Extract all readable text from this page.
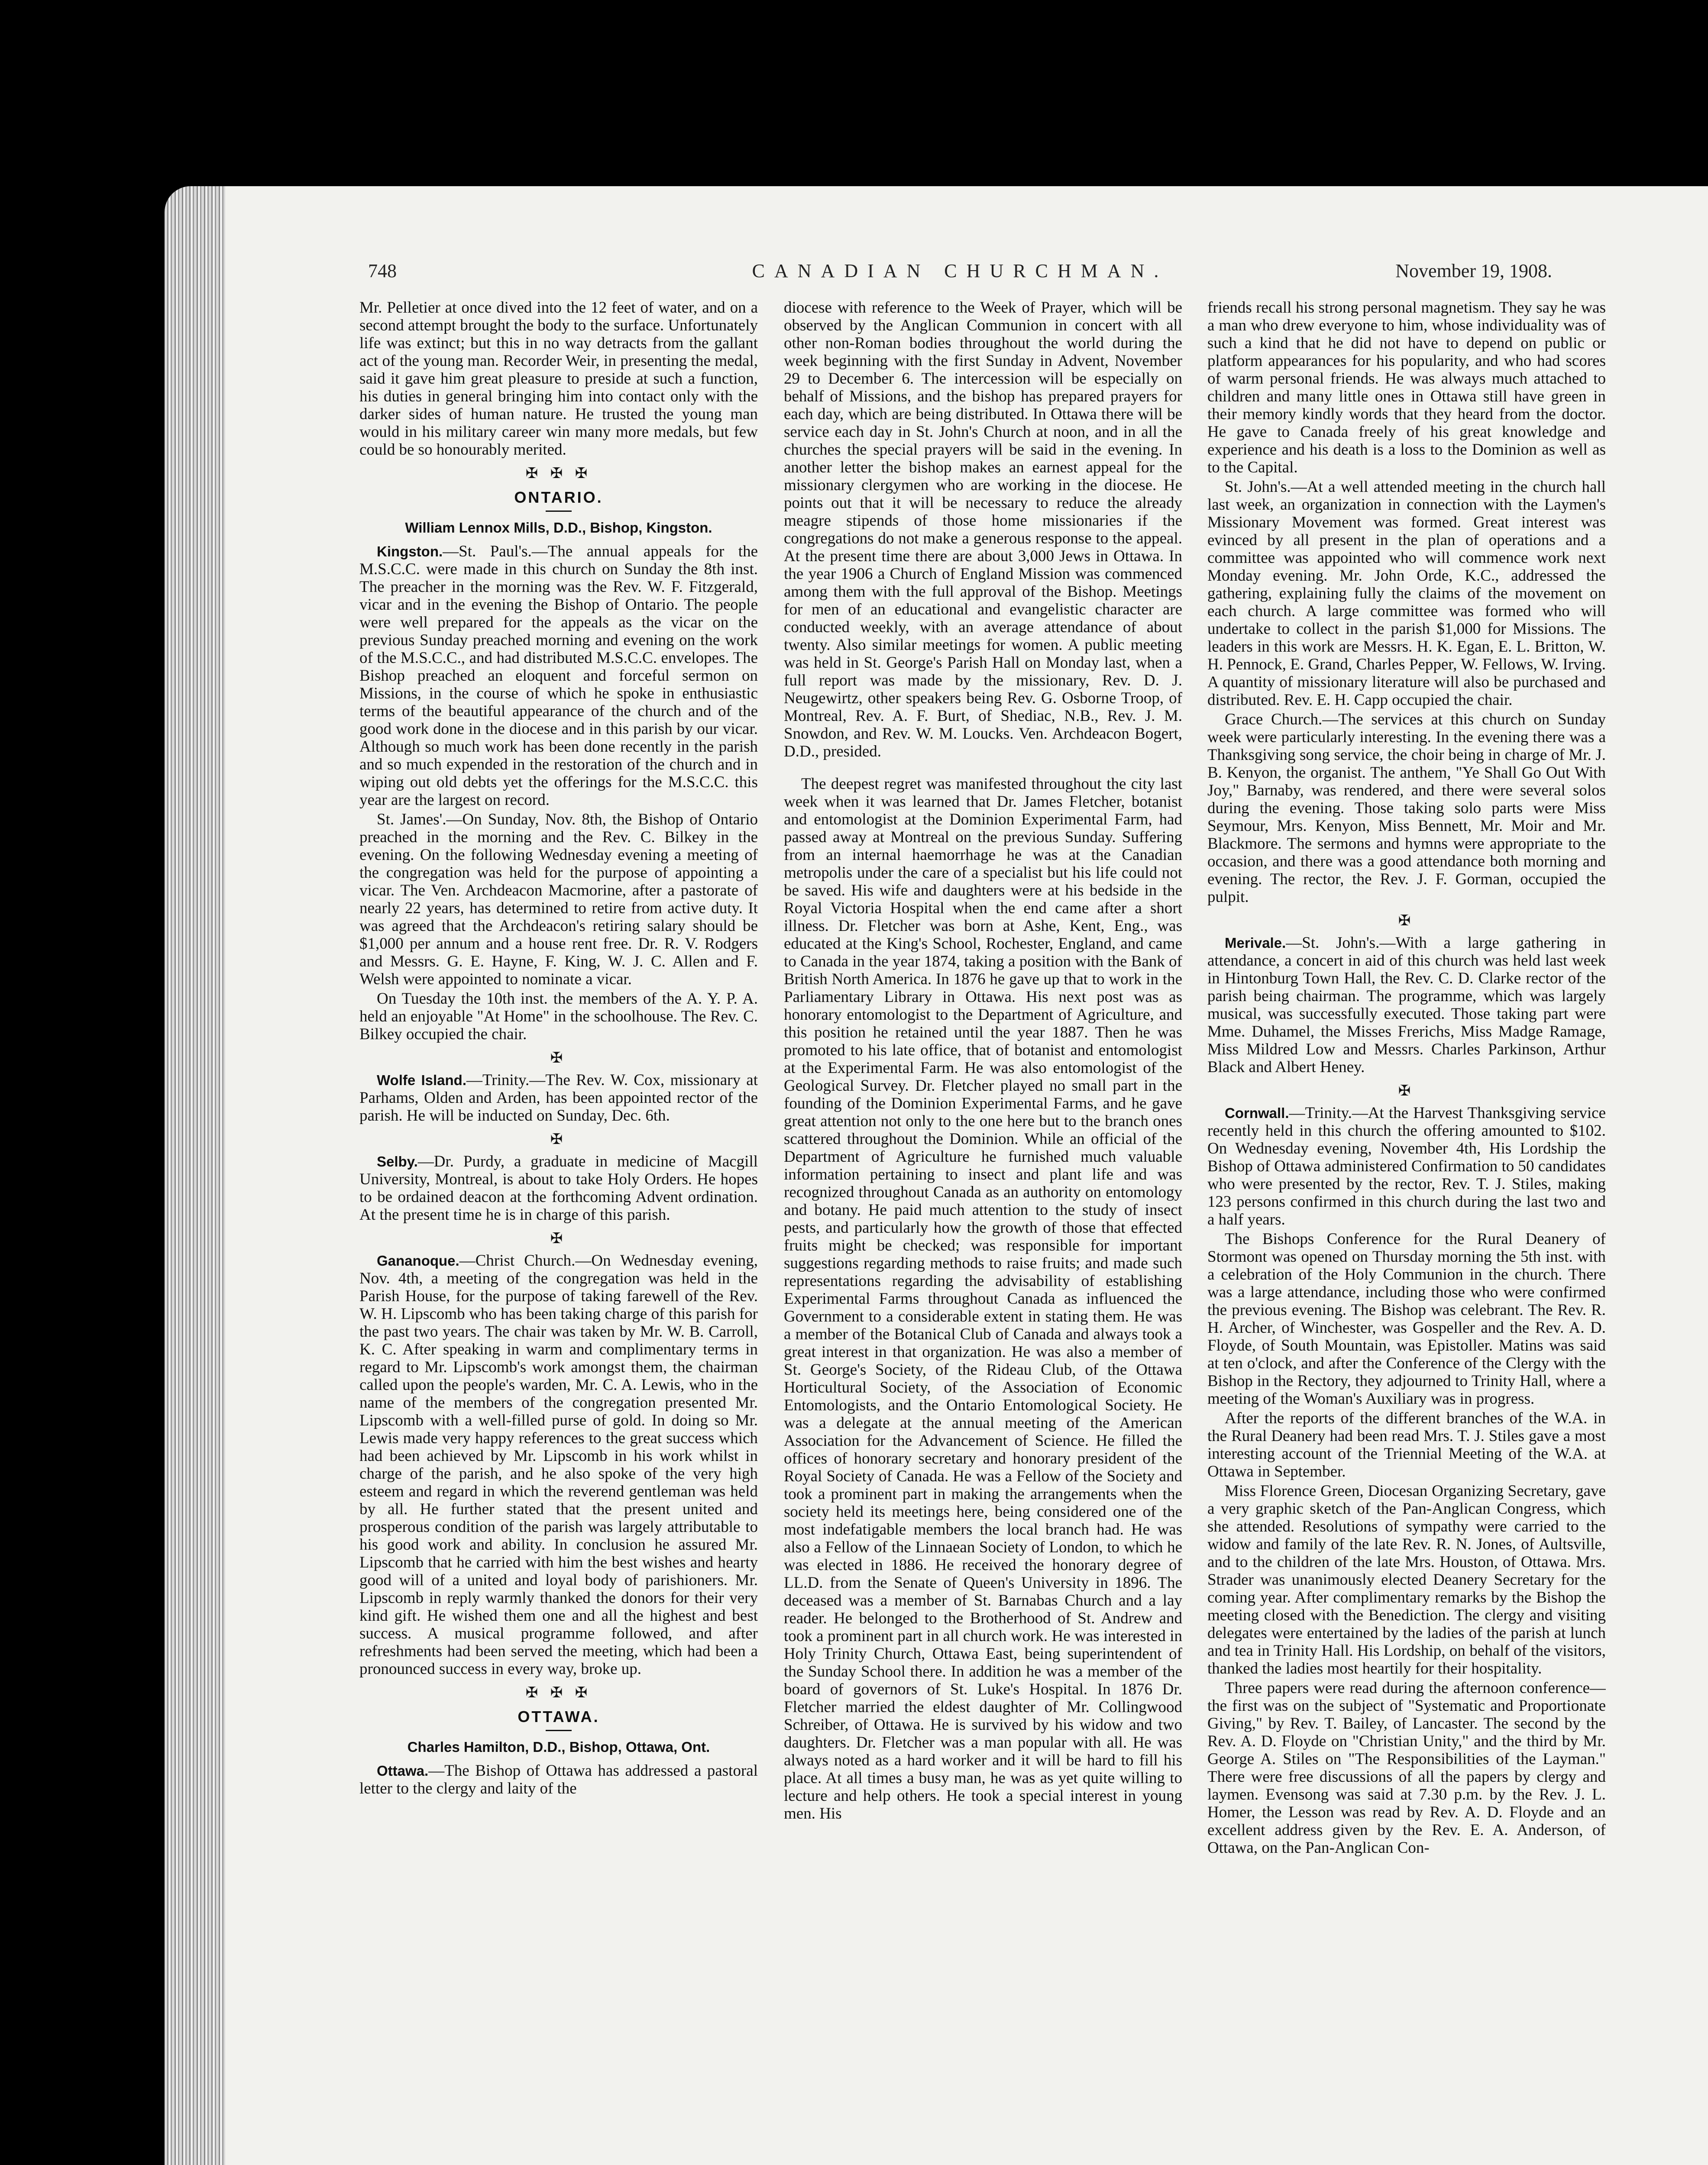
748	CANADIAN CHURCHMAN.	November 19, 1908.

Mr. Pelletier at once dived into the 12 feet of water, and on a second attempt brought the body to the surface. Unfortunately life was extinct; but this in no way detracts from the gallant act of the young man. Recorder Weir, in presenting the medal, said it gave him great pleasure to preside at such a function, his duties in general bringing him into contact only with the darker sides of human nature. He trusted the young man would in his military career win many more medals, but few could be so honourably merited.

✠ ✠ ✠
ONTARIO.
William Lennox Mills, D.D., Bishop, Kingston.

Kingston.—St. Paul's.—The annual appeals for the M.S.C.C. were made in this church on Sunday the 8th inst. The preacher in the morning was the Rev. W. F. Fitzgerald, vicar and in the evening the Bishop of Ontario. The people were well prepared for the appeals as the vicar on the previous Sunday preached morning and evening on the work of the M.S.C.C., and had distributed M.S.C.C. envelopes. The Bishop preached an eloquent and forceful sermon on Missions, in the course of which he spoke in enthusiastic terms of the beautiful appearance of the church and of the good work done in the diocese and in this parish by our vicar. Although so much work has been done recently in the parish and so much expended in the restoration of the church and in wiping out old debts yet the offerings for the M.S.C.C. this year are the largest on record.

St. James'.—On Sunday, Nov. 8th, the Bishop of Ontario preached in the morning and the Rev. C. Bilkey in the evening. On the following Wednesday evening a meeting of the congregation was held for the purpose of appointing a vicar. The Ven. Archdeacon Macmorine, after a pastorate of nearly 22 years, has determined to retire from active duty. It was agreed that the Archdeacon's retiring salary should be $1,000 per annum and a house rent free. Dr. R. V. Rodgers and Messrs. G. E. Hayne, F. King, W. J. C. Allen and F. Welsh were appointed to nominate a vicar.

On Tuesday the 10th inst. the members of the A. Y. P. A. held an enjoyable "At Home" in the schoolhouse. The Rev. C. Bilkey occupied the chair.

✠

Wolfe Island.—Trinity.—The Rev. W. Cox, missionary at Parhams, Olden and Arden, has been appointed rector of the parish. He will be inducted on Sunday, Dec. 6th.

✠

Selby.—Dr. Purdy, a graduate in medicine of Macgill University, Montreal, is about to take Holy Orders. He hopes to be ordained deacon at the forthcoming Advent ordination. At the present time he is in charge of this parish.

✠

Gananoque.—Christ Church.—On Wednesday evening, Nov. 4th, a meeting of the congregation was held in the Parish House, for the purpose of taking farewell of the Rev. W. H. Lipscomb who has been taking charge of this parish for the past two years. The chair was taken by Mr. W. B. Carroll, K. C. After speaking in warm and complimentary terms in regard to Mr. Lipscomb's work amongst them, the chairman called upon the people's warden, Mr. C. A. Lewis, who in the name of the members of the congregation presented Mr. Lipscomb with a well-filled purse of gold. In doing so Mr. Lewis made very happy references to the great success which had been achieved by Mr. Lipscomb in his work whilst in charge of the parish, and he also spoke of the very high esteem and regard in which the reverend gentleman was held by all. He further stated that the present united and prosperous condition of the parish was largely attributable to his good work and ability. In conclusion he assured Mr. Lipscomb that he carried with him the best wishes and hearty good will of a united and loyal body of parishioners. Mr. Lipscomb in reply warmly thanked the donors for their very kind gift. He wished them one and all the highest and best success. A musical programme followed, and after refreshments had been served the meeting, which had been a pronounced success in every way, broke up.

✠ ✠ ✠
OTTAWA.
Charles Hamilton, D.D., Bishop, Ottawa, Ont.

Ottawa.—The Bishop of Ottawa has addressed a pastoral letter to the clergy and laity of the

diocese with reference to the Week of Prayer, which will be observed by the Anglican Communion in concert with all other non-Roman bodies throughout the world during the week beginning with the first Sunday in Advent, November 29 to December 6. The intercession will be especially on behalf of Missions, and the bishop has prepared prayers for each day, which are being distributed. In Ottawa there will be service each day in St. John's Church at noon, and in all the churches the special prayers will be said in the evening. In another letter the bishop makes an earnest appeal for the missionary clergymen who are working in the diocese. He points out that it will be necessary to reduce the already meagre stipends of those home missionaries if the congregations do not make a generous response to the appeal. At the present time there are about 3,000 Jews in Ottawa. In the year 1906 a Church of England Mission was commenced among them with the full approval of the Bishop. Meetings for men of an educational and evangelistic character are conducted weekly, with an average attendance of about twenty. Also similar meetings for women. A public meeting was held in St. George's Parish Hall on Monday last, when a full report was made by the missionary, Rev. D. J. Neugewirtz, other speakers being Rev. G. Osborne Troop, of Montreal, Rev. A. F. Burt, of Shediac, N.B., Rev. J. M. Snowdon, and Rev. W. M. Loucks. Ven. Archdeacon Bogert, D.D., presided.

The deepest regret was manifested throughout the city last week when it was learned that Dr. James Fletcher, botanist and entomologist at the Dominion Experimental Farm, had passed away at Montreal on the previous Sunday. Suffering from an internal haemorrhage he was at the Canadian metropolis under the care of a specialist but his life could not be saved. His wife and daughters were at his bedside in the Royal Victoria Hospital when the end came after a short illness. Dr. Fletcher was born at Ashe, Kent, Eng., was educated at the King's School, Rochester, England, and came to Canada in the year 1874, taking a position with the Bank of British North America. In 1876 he gave up that to work in the Parliamentary Library in Ottawa. His next post was as honorary entomologist to the Department of Agriculture, and this position he retained until the year 1887. Then he was promoted to his late office, that of botanist and entomologist at the Experimental Farm. He was also entomologist of the Geological Survey. Dr. Fletcher played no small part in the founding of the Dominion Experimental Farms, and he gave great attention not only to the one here but to the branch ones scattered throughout the Dominion. While an official of the Department of Agriculture he furnished much valuable information pertaining to insect and plant life and was recognized throughout Canada as an authority on entomology and botany. He paid much attention to the study of insect pests, and particularly how the growth of those that effected fruits might be checked; was responsible for important suggestions regarding methods to raise fruits; and made such representations regarding the advisability of establishing Experimental Farms throughout Canada as influenced the Government to a considerable extent in stating them. He was a member of the Botanical Club of Canada and always took a great interest in that organization. He was also a member of St. George's Society, of the Rideau Club, of the Ottawa Horticultural Society, of the Association of Economic Entomologists, and the Ontario Entomological Society. He was a delegate at the annual meeting of the American Association for the Advancement of Science. He filled the offices of honorary secretary and honorary president of the Royal Society of Canada. He was a Fellow of the Society and took a prominent part in making the arrangements when the society held its meetings here, being considered one of the most indefatigable members the local branch had. He was also a Fellow of the Linnaean Society of London, to which he was elected in 1886. He received the honorary degree of LL.D. from the Senate of Queen's University in 1896. The deceased was a member of St. Barnabas Church and a lay reader. He belonged to the Brotherhood of St. Andrew and took a prominent part in all church work. He was interested in Holy Trinity Church, Ottawa East, being superintendent of the Sunday School there. In addition he was a member of the board of governors of St. Luke's Hospital. In 1876 Dr. Fletcher married the eldest daughter of Mr. Collingwood Schreiber, of Ottawa. He is survived by his widow and two daughters. Dr. Fletcher was a man popular with all. He was always noted as a hard worker and it will be hard to fill his place. At all times a busy man, he was as yet quite willing to lecture and help others. He took a special interest in young men. His

friends recall his strong personal magnetism. They say he was a man who drew everyone to him, whose individuality was of such a kind that he did not have to depend on public or platform appearances for his popularity, and who had scores of warm personal friends. He was always much attached to children and many little ones in Ottawa still have green in their memory kindly words that they heard from the doctor. He gave to Canada freely of his great knowledge and experience and his death is a loss to the Dominion as well as to the Capital.

St. John's.—At a well attended meeting in the church hall last week, an organization in connection with the Laymen's Missionary Movement was formed. Great interest was evinced by all present in the plan of operations and a committee was appointed who will commence work next Monday evening. Mr. John Orde, K.C., addressed the gathering, explaining fully the claims of the movement on each church. A large committee was formed who will undertake to collect in the parish $1,000 for Missions. The leaders in this work are Messrs. H. K. Egan, E. L. Britton, W. H. Pennock, E. Grand, Charles Pepper, W. Fellows, W. Irving. A quantity of missionary literature will also be purchased and distributed. Rev. E. H. Capp occupied the chair.

Grace Church.—The services at this church on Sunday week were particularly interesting. In the evening there was a Thanksgiving song service, the choir being in charge of Mr. J. B. Kenyon, the organist. The anthem, "Ye Shall Go Out With Joy," Barnaby, was rendered, and there were several solos during the evening. Those taking solo parts were Miss Seymour, Mrs. Kenyon, Miss Bennett, Mr. Moir and Mr. Blackmore. The sermons and hymns were appropriate to the occasion, and there was a good attendance both morning and evening. The rector, the Rev. J. F. Gorman, occupied the pulpit.

✠

Merivale.—St. John's.—With a large gathering in attendance, a concert in aid of this church was held last week in Hintonburg Town Hall, the Rev. C. D. Clarke rector of the parish being chairman. The programme, which was largely musical, was successfully executed. Those taking part were Mme. Duhamel, the Misses Frerichs, Miss Madge Ramage, Miss Mildred Low and Messrs. Charles Parkinson, Arthur Black and Albert Heney.

✠

Cornwall.—Trinity.—At the Harvest Thanksgiving service recently held in this church the offering amounted to $102. On Wednesday evening, November 4th, His Lordship the Bishop of Ottawa administered Confirmation to 50 candidates who were presented by the rector, Rev. T. J. Stiles, making 123 persons confirmed in this church during the last two and a half years.

The Bishops Conference for the Rural Deanery of Stormont was opened on Thursday morning the 5th inst. with a celebration of the Holy Communion in the church. There was a large attendance, including those who were confirmed the previous evening. The Bishop was celebrant. The Rev. R. H. Archer, of Winchester, was Gospeller and the Rev. A. D. Floyde, of South Mountain, was Epistoller. Matins was said at ten o'clock, and after the Conference of the Clergy with the Bishop in the Rectory, they adjourned to Trinity Hall, where a meeting of the Woman's Auxiliary was in progress.

After the reports of the different branches of the W.A. in the Rural Deanery had been read Mrs. T. J. Stiles gave a most interesting account of the Triennial Meeting of the W.A. at Ottawa in September.

Miss Florence Green, Diocesan Organizing Secretary, gave a very graphic sketch of the Pan-Anglican Congress, which she attended. Resolutions of sympathy were carried to the widow and family of the late Rev. R. N. Jones, of Aultsville, and to the children of the late Mrs. Houston, of Ottawa. Mrs. Strader was unanimously elected Deanery Secretary for the coming year. After complimentary remarks by the Bishop the meeting closed with the Benediction. The clergy and visiting delegates were entertained by the ladies of the parish at lunch and tea in Trinity Hall. His Lordship, on behalf of the visitors, thanked the ladies most heartily for their hospitality.

Three papers were read during the afternoon conference—the first was on the subject of "Systematic and Proportionate Giving," by Rev. T. Bailey, of Lancaster. The second by the Rev. A. D. Floyde on "Christian Unity," and the third by Mr. George A. Stiles on "The Responsibilities of the Layman." There were free discussions of all the papers by clergy and laymen. Evensong was said at 7.30 p.m. by the Rev. J. L. Homer, the Lesson was read by Rev. A. D. Floyde and an excellent address given by the Rev. E. A. Anderson, of Ottawa, on the Pan-Anglican Con-
